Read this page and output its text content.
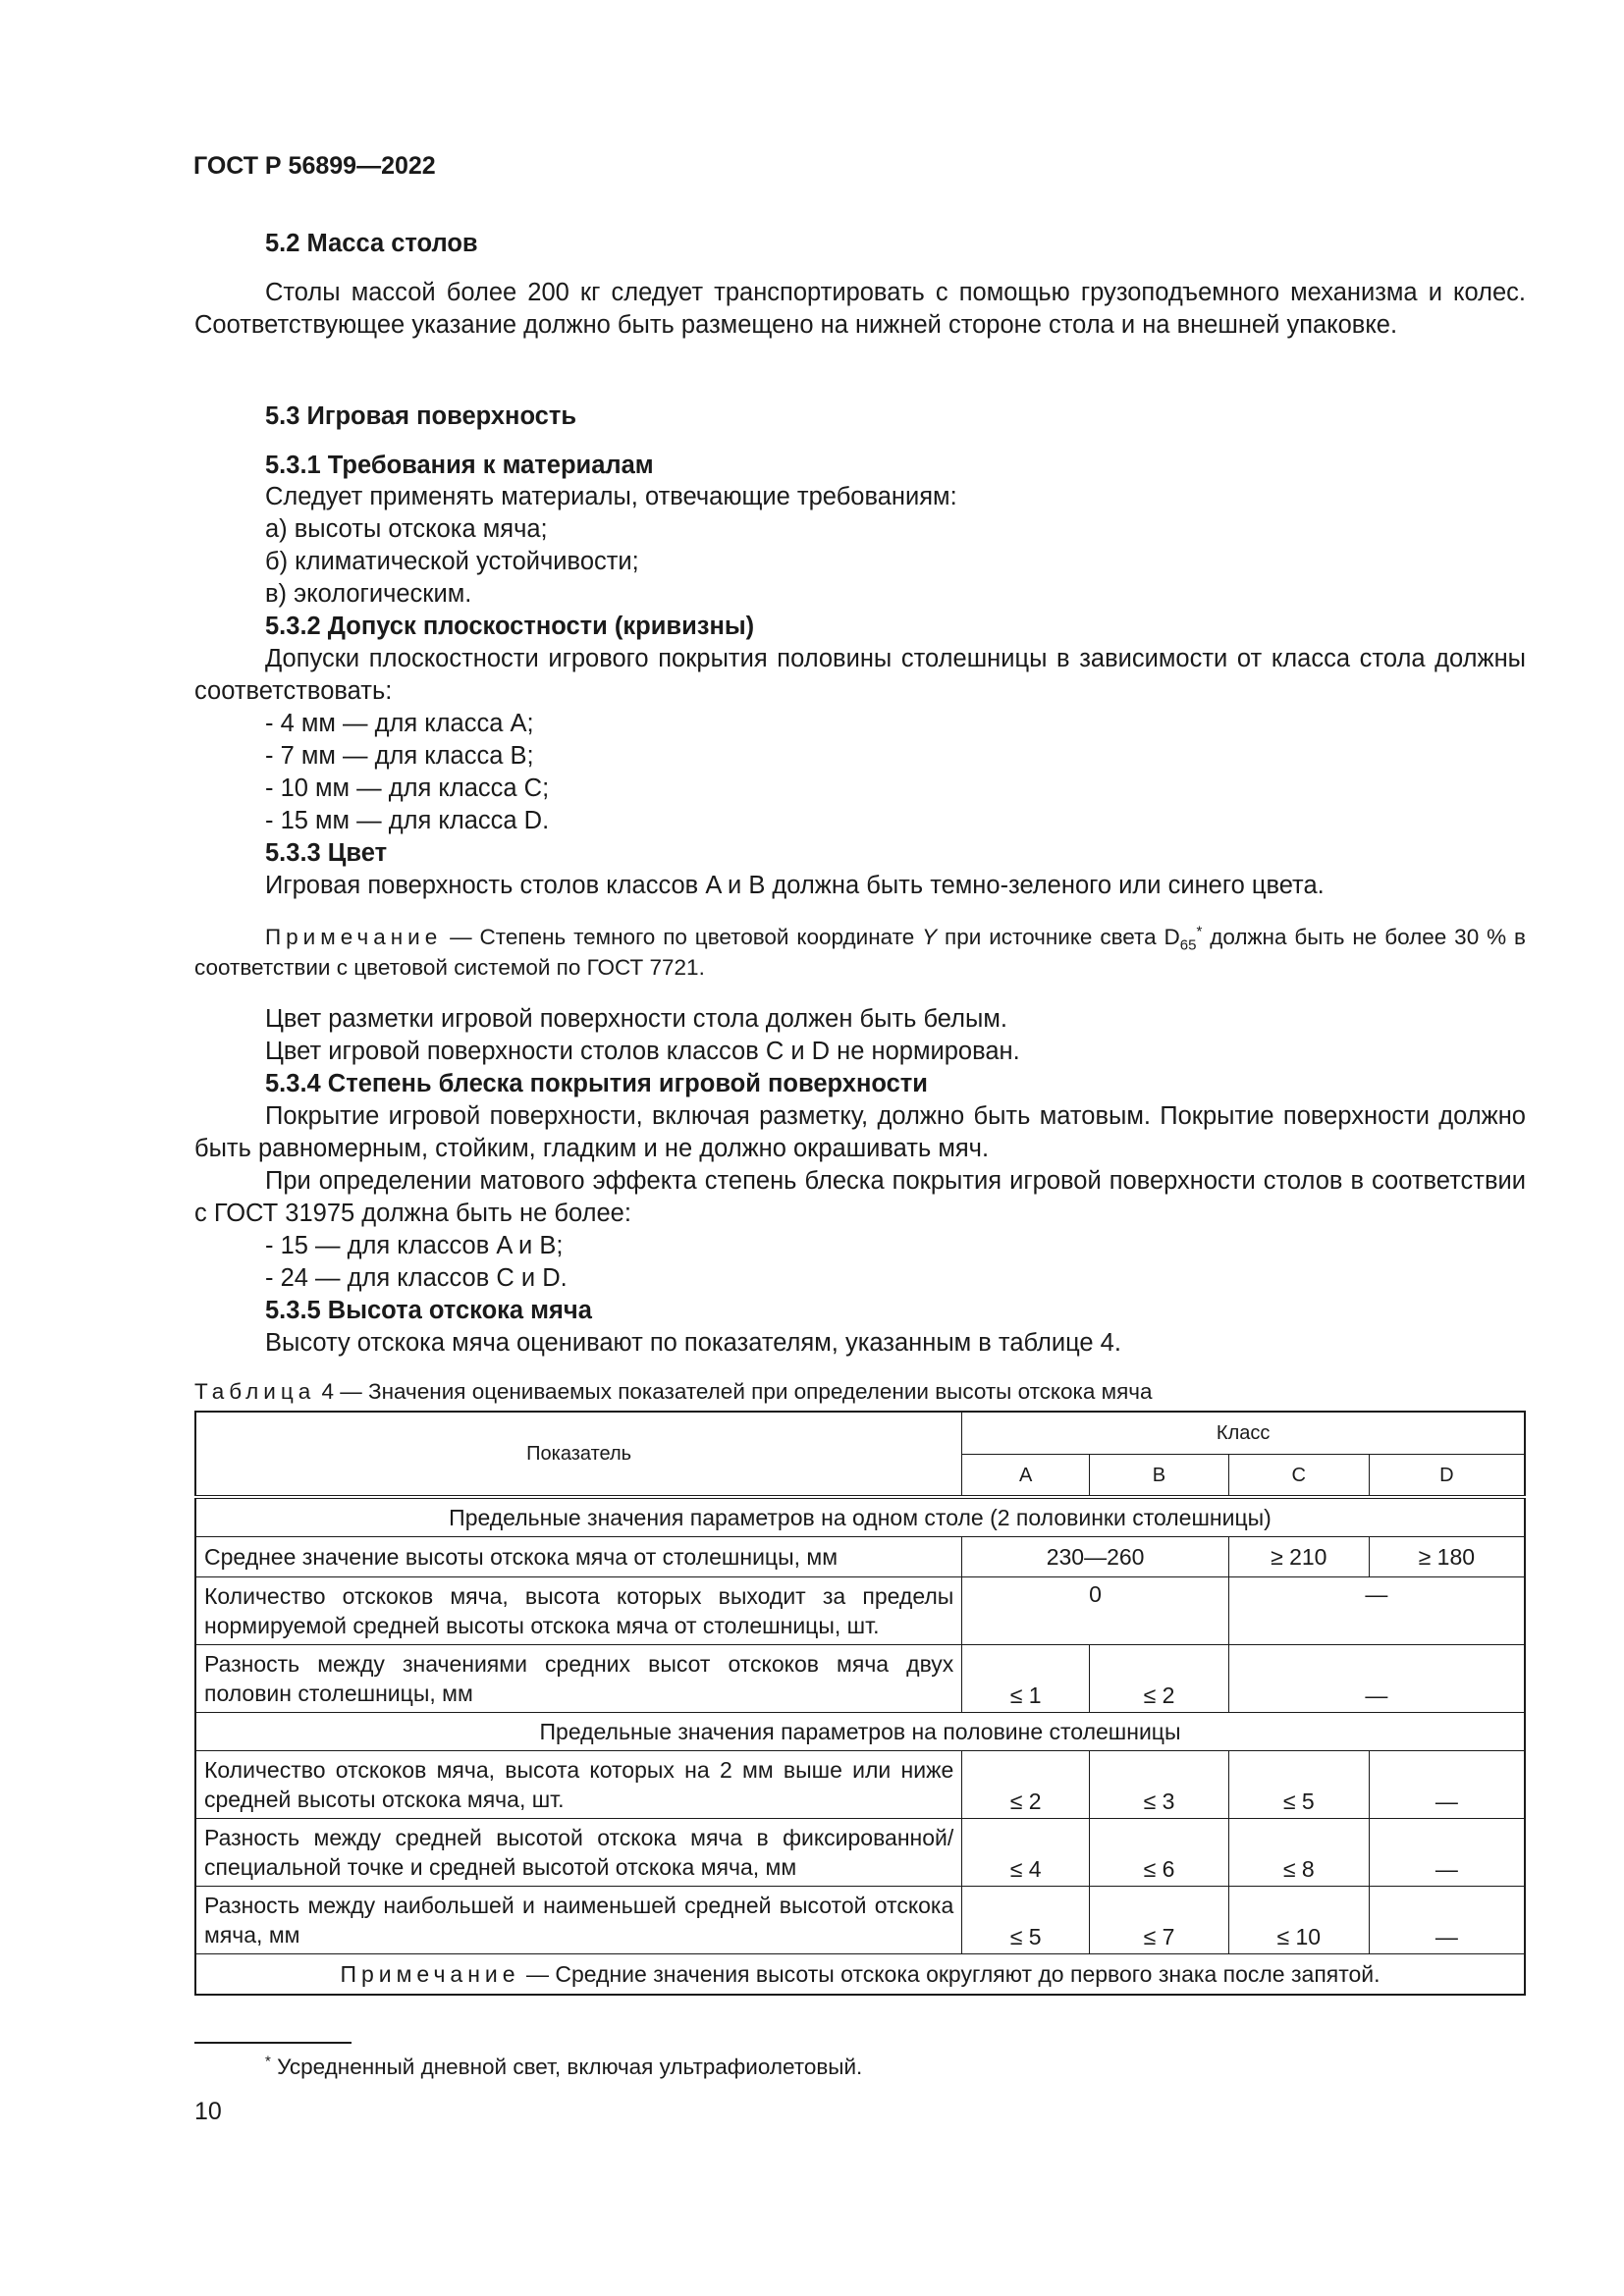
ГОСТ Р 56899—2022
5.2 Масса столов
Столы массой более 200 кг следует транспортировать с помощью грузоподъемного механизма и колес. Соответствующее указание должно быть размещено на нижней стороне стола и на внешней упаковке.
5.3 Игровая поверхность
5.3.1 Требования к материалам
Следует применять материалы, отвечающие требованиям:
а) высоты отскока мяча;
б) климатической устойчивости;
в) экологическим.
5.3.2 Допуск плоскостности (кривизны)
Допуски плоскостности игрового покрытия половины столешницы в зависимости от класса стола должны соответствовать:
- 4 мм — для класса A;
- 7 мм — для класса B;
- 10 мм — для класса C;
- 15 мм — для класса D.
5.3.3 Цвет
Игровая поверхность столов классов A и B должна быть темно-зеленого или синего цвета.
Примечание — Степень темного по цветовой координате Y при источнике света $D_{65}^*$ должна быть не более 30 % в соответствии с цветовой системой по ГОСТ 7721.
Цвет разметки игровой поверхности стола должен быть белым.
Цвет игровой поверхности столов классов C и D не нормирован.
5.3.4 Степень блеска покрытия игровой поверхности
Покрытие игровой поверхности, включая разметку, должно быть матовым. Покрытие поверхности должно быть равномерным, стойким, гладким и не должно окрашивать мяч.
При определении матового эффекта степень блеска покрытия игровой поверхности столов в соответствии с ГОСТ 31975 должна быть не более:
- 15 — для классов A и B;
- 24 — для классов C и D.
5.3.5 Высота отскока мяча
Высоту отскока мяча оценивают по показателям, указанным в таблице 4.
Таблица 4 — Значения оцениваемых показателей при определении высоты отскока мяча
Показатель	Класс			
	A	B	C	D
Предельные значения параметров на одном столе (2 половинки столешницы)				
Среднее значение высоты отскока мяча от столешницы, мм	230—260		≥ 210	≥ 180
Количество отскоков мяча, высота которых выходит за пределы нормируемой средней высоты отскока мяча от столешницы, шт.	0		—	
Разность между значениями средних высот отскоков мяча двух половин столешницы, мм	≤ 1	≤ 2	—	
Предельные значения параметров на половине столешницы				
Количество отскоков мяча, высота которых на 2 мм выше или ниже средней высоты отскока мяча, шт.	≤ 2	≤ 3	≤ 5	—
Разность между средней высотой отскока мяча в фиксированной/специальной точке и средней высотой отскока мяча, мм	≤ 4	≤ 6	≤ 8	—
Разность между наибольшей и наименьшей средней высотой отскока мяча, мм	≤ 5	≤ 7	≤ 10	—
Примечание — Средние значения высоты отскока округляют до первого знака после запятой.				
* Усредненный дневной свет, включая ультрафиолетовый.
10
